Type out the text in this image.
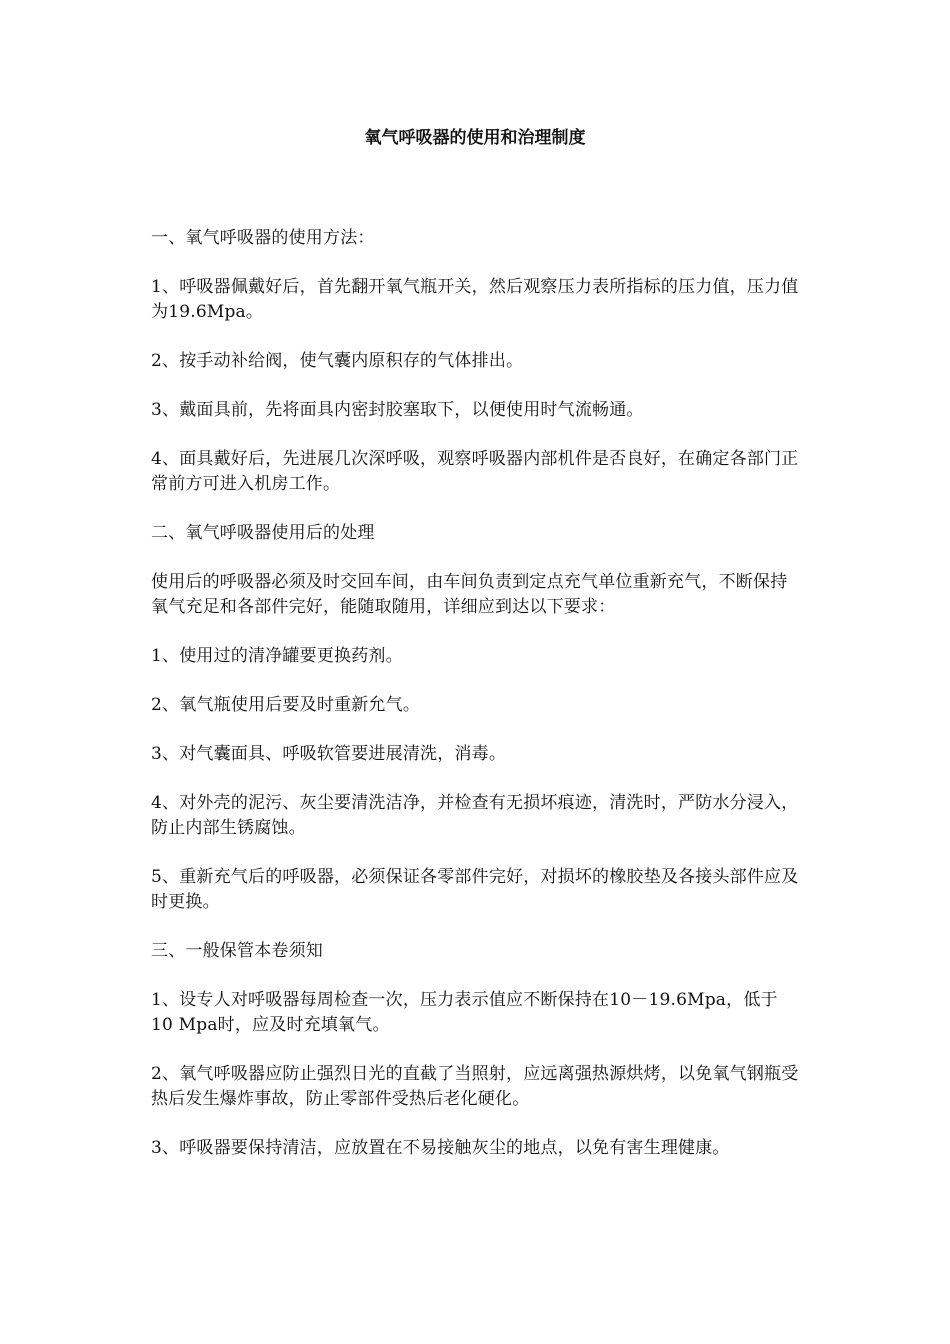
氧气呼吸器的使用和治理制度

一、氧气呼吸器的使用方法：

1、呼吸器佩戴好后，首先翻开氧气瓶开关，然后观察压力表所指标的压力值，压力值为19.6Mpa。

2、按手动补给阀，使气囊内原积存的气体排出。

3、戴面具前，先将面具内密封胶塞取下，以便使用时气流畅通。

4、面具戴好后，先进展几次深呼吸，观察呼吸器内部机件是否良好，在确定各部门正常前方可进入机房工作。

二、氧气呼吸器使用后的处理

使用后的呼吸器必须及时交回车间，由车间负责到定点充气单位重新充气，不断保持氧气充足和各部件完好，能随取随用，详细应到达以下要求：

1、使用过的清净罐要更换药剂。

2、氧气瓶使用后要及时重新允气。

3、对气囊面具、呼吸软管要进展清洗，消毒。

4、对外壳的泥污、灰尘要清洗洁净，并检查有无损坏痕迹，清洗时，严防水分浸入，防止内部生锈腐蚀。

5、重新充气后的呼吸器，必须保证各零部件完好，对损坏的橡胶垫及各接头部件应及时更换。

三、一般保管本卷须知

1、设专人对呼吸器每周检查一次，压力表示值应不断保持在10－19.6Mpa，低于10 Mpa时，应及时充填氧气。

2、氧气呼吸器应防止强烈日光的直截了当照射，应远离强热源烘烤，以免氧气钢瓶受热后发生爆炸事故，防止零部件受热后老化硬化。

3、呼吸器要保持清洁，应放置在不易接触灰尘的地点，以免有害生理健康。
